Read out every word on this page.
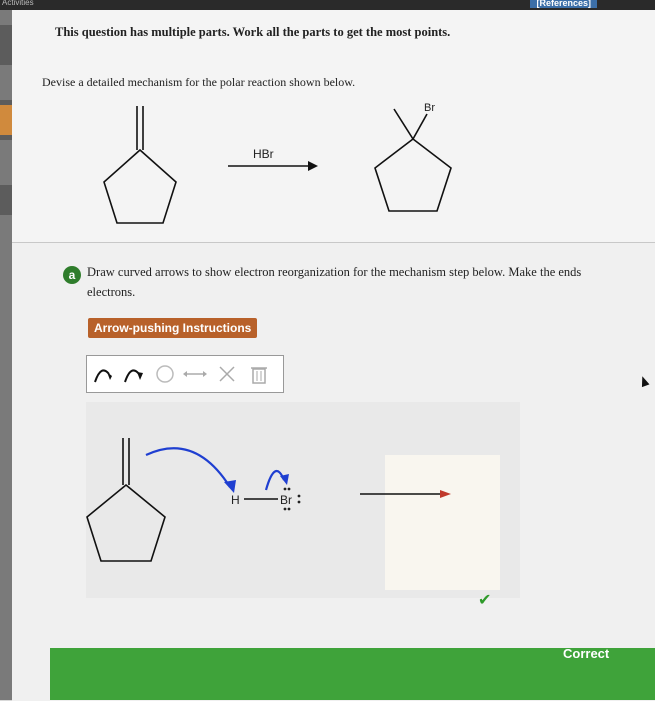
Activities	[References]
This question has multiple parts. Work all the parts to get the most points.
Devise a detailed mechanism for the polar reaction shown below.
HBr
Br
a Draw curved arrows to show electron reorganization for the mechanism step below. Make the ends
electrons.
Arrow-pushing Instructions
H	Br
✔
Correct
